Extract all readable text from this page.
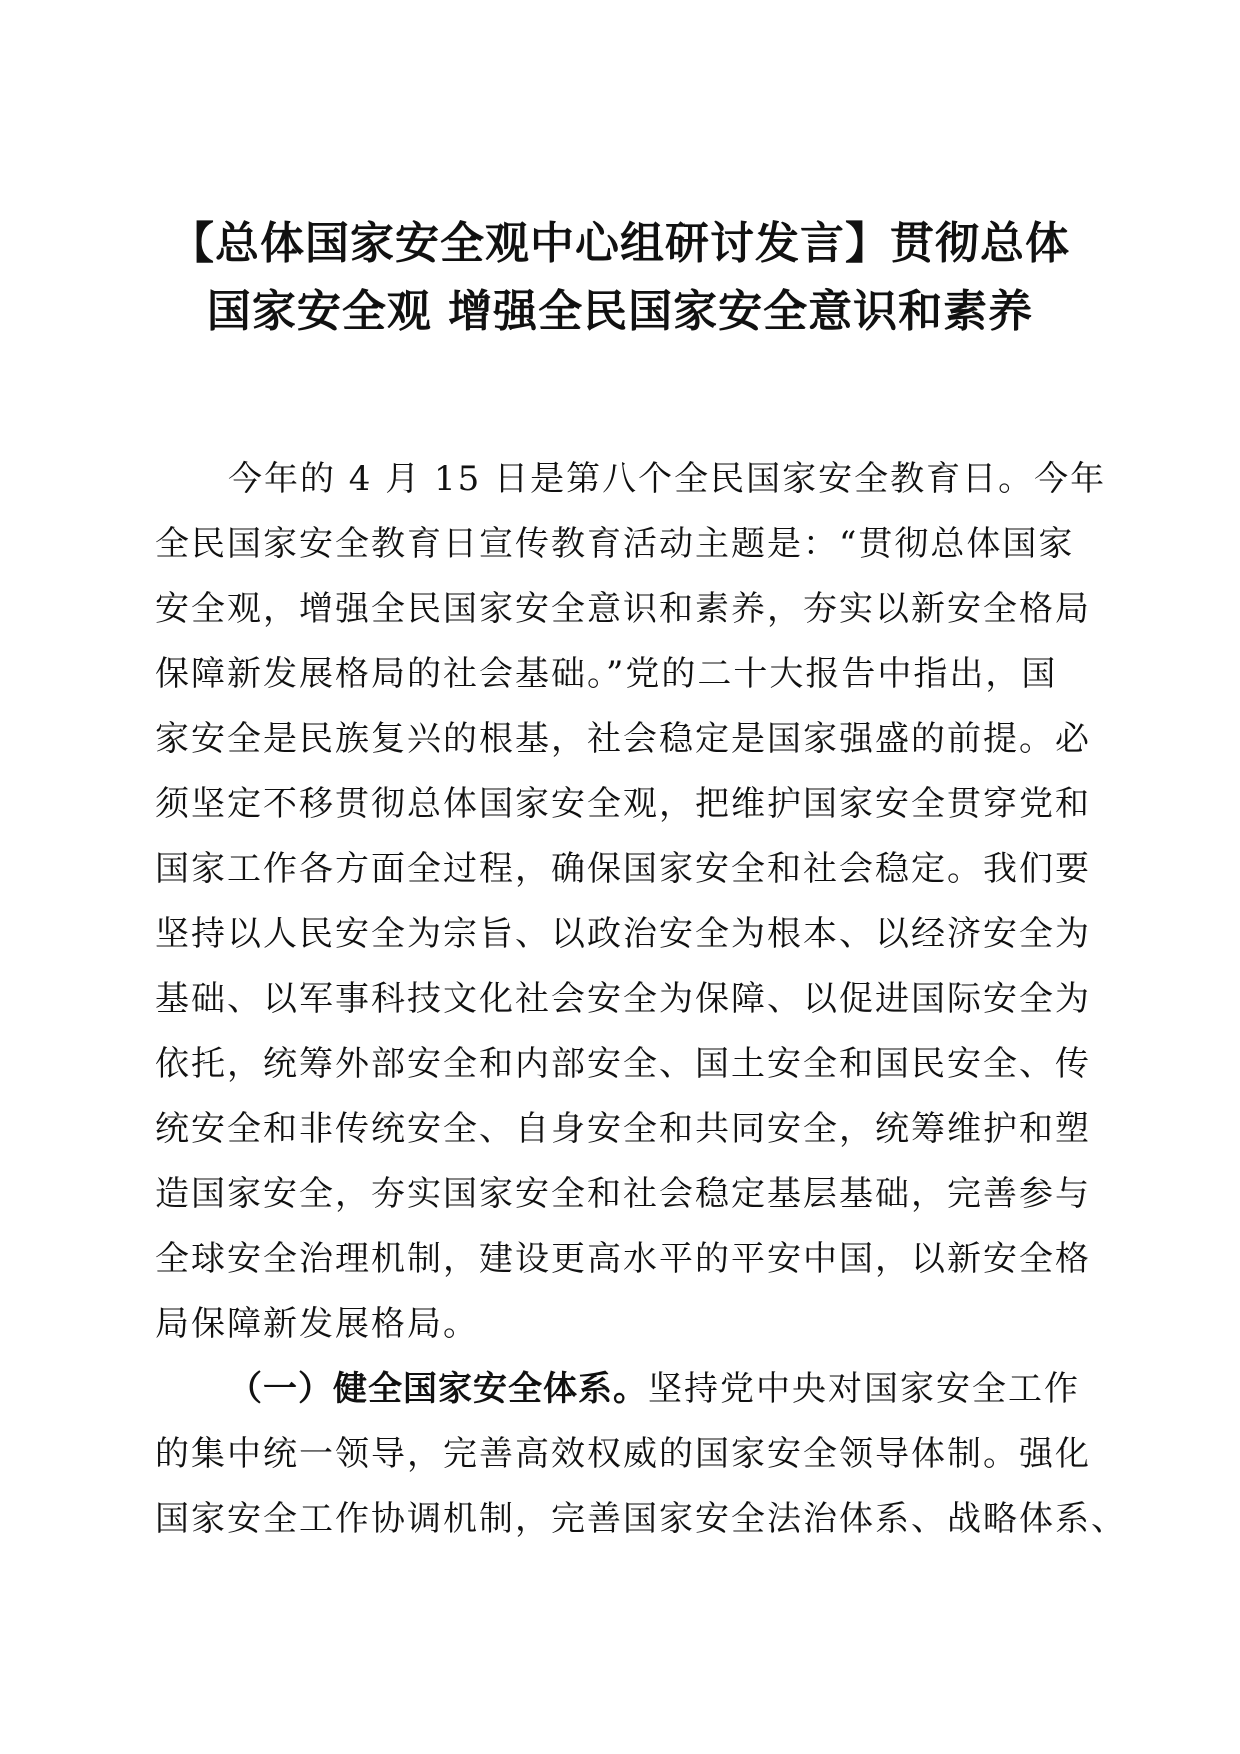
【总体国家安全观中心组研讨发言】贯彻总体
国家安全观 增强全民国家安全意识和素养
今年的 4 月 15 日是第八个全民国家安全教育日。今年
全民国家安全教育日宣传教育活动主题是：“贯彻总体国家
安全观，增强全民国家安全意识和素养，夯实以新安全格局
保障新发展格局的社会基础。”党的二十大报告中指出，国
家安全是民族复兴的根基，社会稳定是国家强盛的前提。必
须坚定不移贯彻总体国家安全观，把维护国家安全贯穿党和
国家工作各方面全过程，确保国家安全和社会稳定。我们要
坚持以人民安全为宗旨、以政治安全为根本、以经济安全为
基础、以军事科技文化社会安全为保障、以促进国际安全为
依托，统筹外部安全和内部安全、国土安全和国民安全、传
统安全和非传统安全、自身安全和共同安全，统筹维护和塑
造国家安全，夯实国家安全和社会稳定基层基础，完善参与
全球安全治理机制，建设更高水平的平安中国，以新安全格
局保障新发展格局。
（一）健全国家安全体系。坚持党中央对国家安全工作
的集中统一领导，完善高效权威的国家安全领导体制。强化
国家安全工作协调机制，完善国家安全法治体系、战略体系、
